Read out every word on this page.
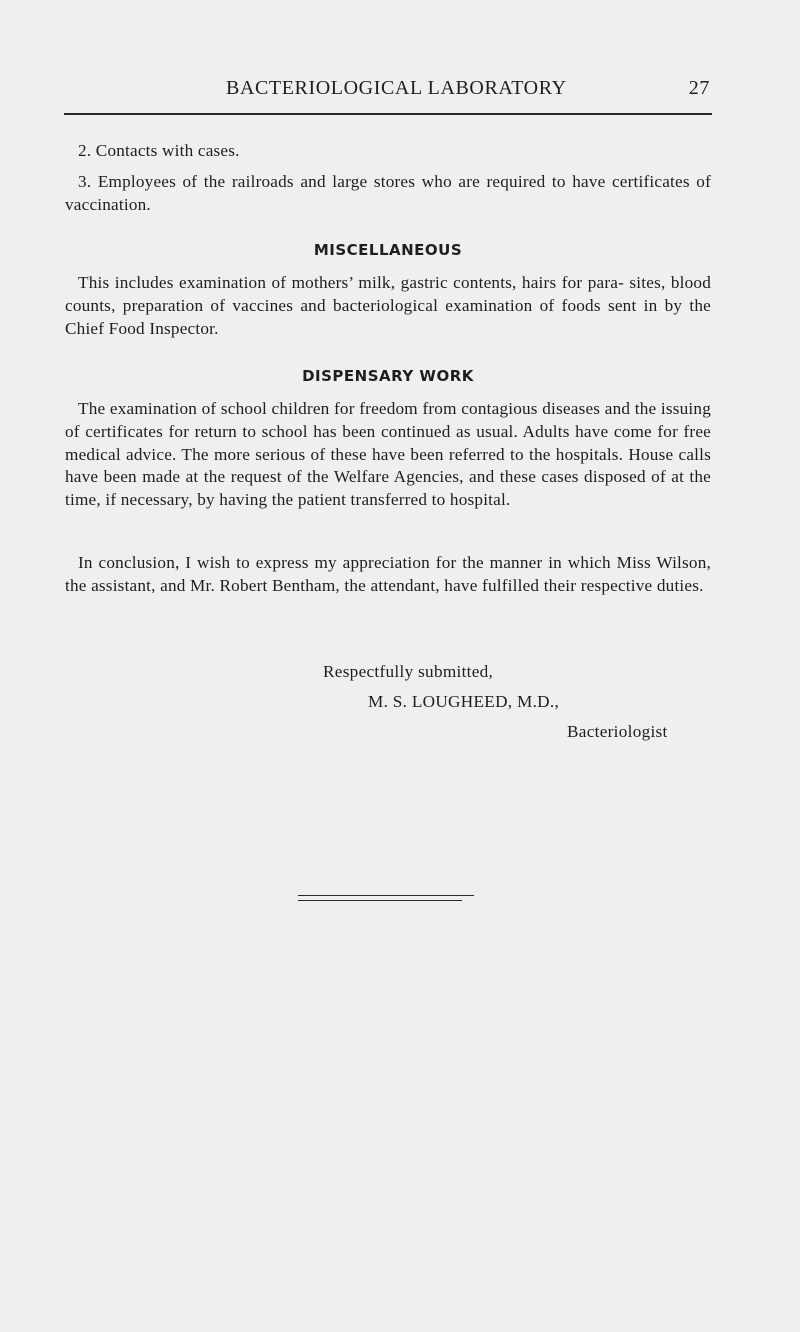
BACTERIOLOGICAL LABORATORY	27

2. Contacts with cases.

3. Employees of the railroads and large stores who are required to have certificates of vaccination.

MISCELLANEOUS

This includes examination of mothers’ milk, gastric contents, hairs for para- sites, blood counts, preparation of vaccines and bacteriological examination of foods sent in by the Chief Food Inspector.

DISPENSARY WORK

The examination of school children for freedom from contagious diseases and the issuing of certificates for return to school has been continued as usual. Adults have come for free medical advice. The more serious of these have been referred to the hospitals. House calls have been made at the request of the Welfare Agencies, and these cases disposed of at the time, if necessary, by having the patient transferred to hospital.

In conclusion, I wish to express my appreciation for the manner in which Miss Wilson, the assistant, and Mr. Robert Bentham, the attendant, have fulfilled their respective duties.

Respectfully submitted,
M. S. LOUGHEED, M.D.,
Bacteriologist
